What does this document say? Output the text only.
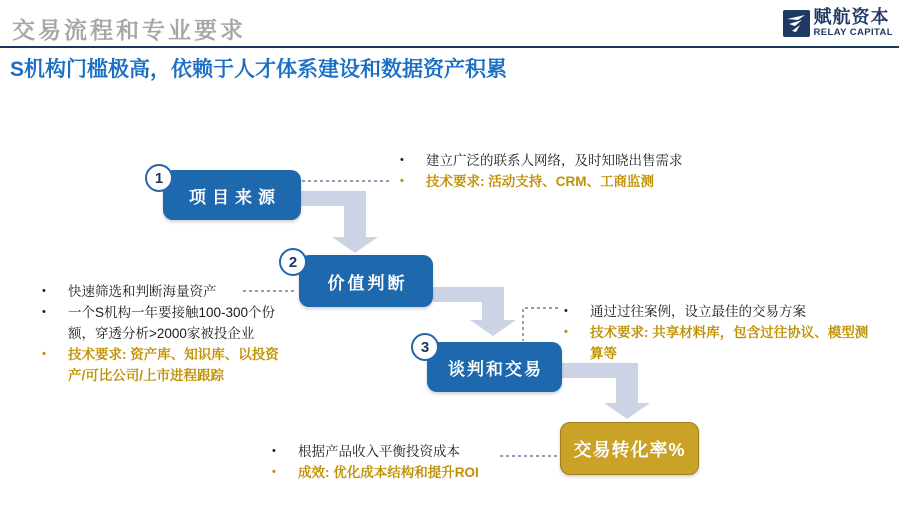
交易流程和专业要求
S机构门槛极高，依赖于人才体系建设和数据资产积累
赋航资本
RELAY CAPITAL
项目来源
价值判断
谈判和交易
交易转化率%
1
2
3
•	建立广泛的联系人网络，及时知晓出售需求
•	技术要求: 活动支持、CRM、工商监测
•	快速筛选和判断海量资产
•	一个S机构一年要接触100-300个份额，穿透分析>2000家被投企业
•	技术要求: 资产库、知识库、以投资产/可比公司/上市进程跟踪
•	通过过往案例，设立最佳的交易方案
•	技术要求: 共享材料库，包含过往协议、模型测算等
•	根据产品收入平衡投资成本
•	成效: 优化成本结构和提升ROI
